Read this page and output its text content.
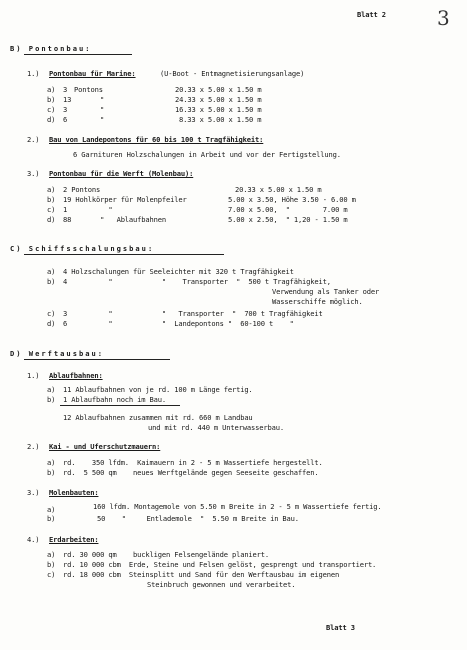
Blatt 2	3
B) Pontonbau:
1.) Pontonbau für Marine:	(U-Boot - Entmagnetisierungsanlage)
a) 3 Pontons	20.33 x 5.00 x 1.50 m
b) 13	"	24.33 x 5.00 x 1.50 m
c) 3	"	16.33 x 5.00 x 1.50 m
d) 6	"	8.33 x 5.00 x 1.50 m
2.) Bau von Landepontons für 60 bis 100 t Tragfähigkeit:
6 Garnituren Holzschalungen in Arbeit und vor der Fertigstellung.
3.) Pontonbau für die Werft (Molenbau):
a) 2 Pontons	20.33 x 5.00 x 1.50 m
b) 19 Hohlkörper für Molenpfeiler	5.00 x 3.50, Höhe 3.50 - 6.00 m
c) 1          "	7.00 x 5.00,  "        7.00 m
d) 88       "   Ablaufbahnen	5.00 x 2.50,  " 1,20 - 1.50 m
C) Schiffsschalungsbau:
a) 4 Holzschalungen für Seeleichter mit 320 t Tragfähigkeit
b) 4          "            "    Transporter  "  500 t Tragfähigkeit,
Verwendung als Tanker oder
Wasserschiffe möglich.
c) 3          "            "   Transporter  "  700 t Tragfähigkeit
d) 6          "            "  Landepontons "  60-100 t    "
D) Werftausbau:
1.) Ablaufbahnen:
a) 11 Ablaufbahnen von je rd. 100 m Länge fertig.
b) 1 Ablaufbahn noch im Bau.
12 Ablaufbahnen zusammen mit rd. 660 m Landbau
und mit rd. 440 m Unterwasserbau.
2.) Kai - und Uferschutzmauern:
a) rd.    350 lfdm.  Kaimauern in 2 - 5 m Wassertiefe hergestellt.
b) rd.  5 500 qm    neues Werftgelände gegen Seeseite geschaffen.
3.) Molenbauten:
a)	160 lfdm. Montagemole von 5.50 m Breite in 2 - 5 m Wassertiefe fertig.
b)	50    "     Entlademole  "  5.50 m Breite in Bau.
4.) Erdarbeiten:
a) rd. 30 000 qm    buckligen Felsengelände planiert.
b) rd. 10 000 cbm  Erde, Steine und Felsen gelöst, gesprengt und transportiert.
c) rd. 18 000 cbm  Steinsplitt und Sand für den Werftausbau im eigenen
Steinbruch gewonnen und verarbeitet.
Blatt 3
